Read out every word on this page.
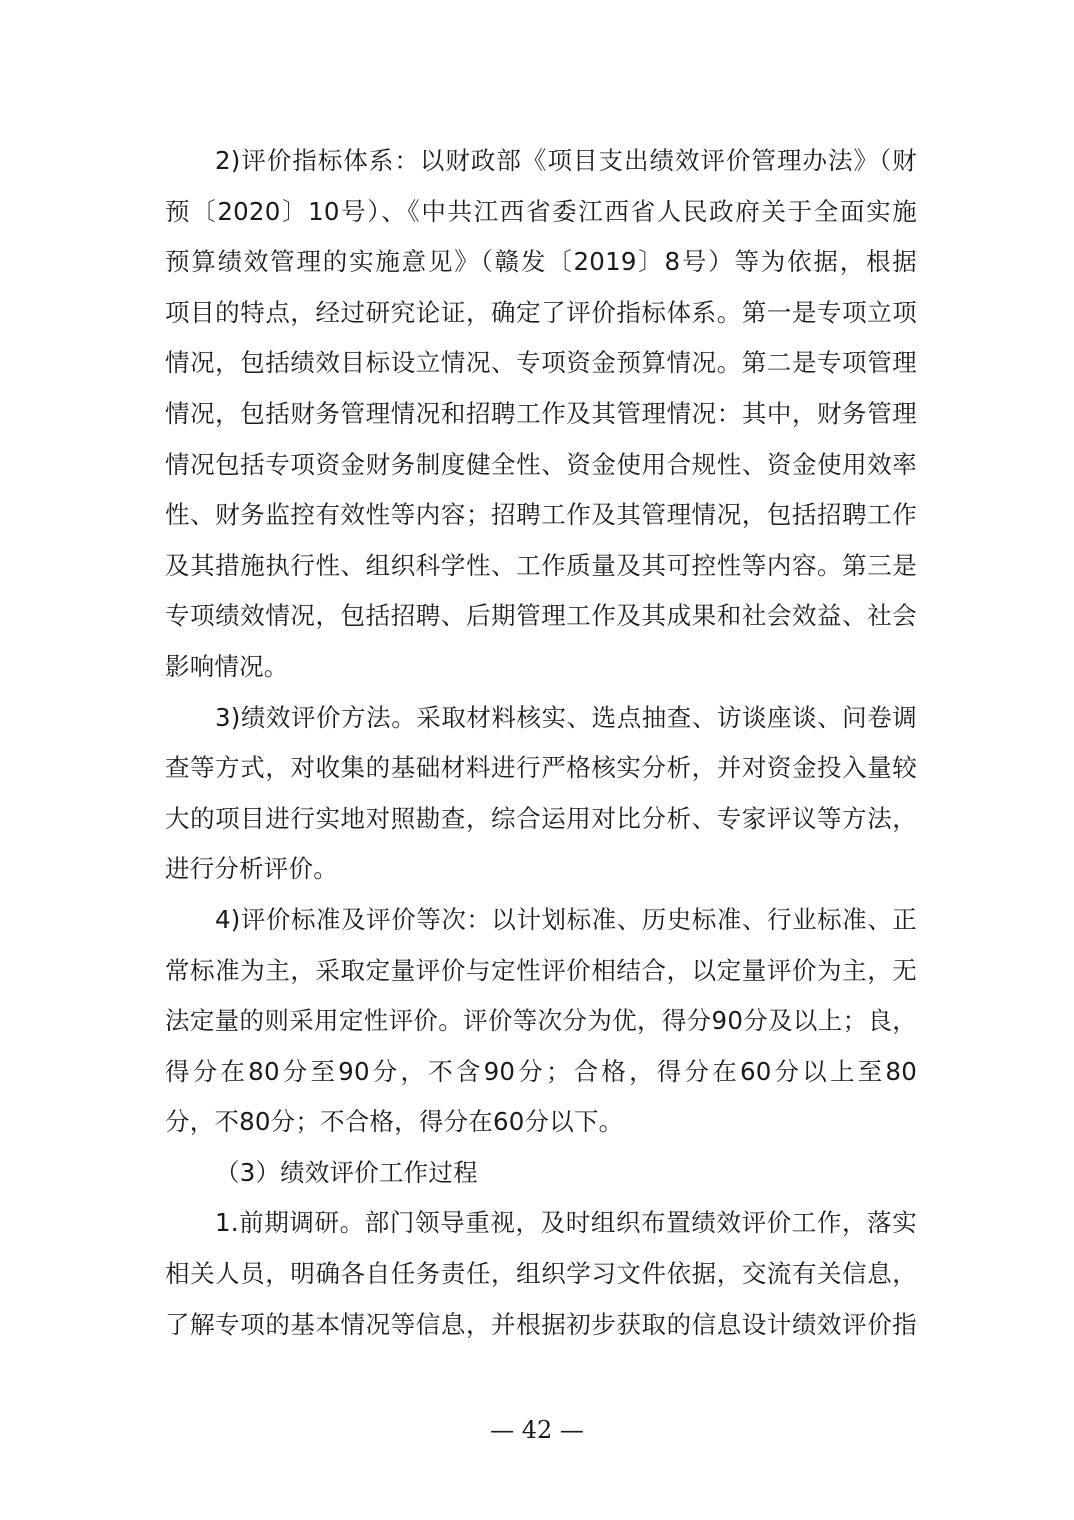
2)评价指标体系：以财政部《项目支出绩效评价管理办法》（财
预〔2020〕10号）、《中共江西省委江西省人民政府关于全面实施
预算绩效管理的实施意见》（赣发〔2019〕8号）等为依据，根据
项目的特点，经过研究论证，确定了评价指标体系。第一是专项立项
情况，包括绩效目标设立情况、专项资金预算情况。第二是专项管理
情况，包括财务管理情况和招聘工作及其管理情况：其中，财务管理
情况包括专项资金财务制度健全性、资金使用合规性、资金使用效率
性、财务监控有效性等内容；招聘工作及其管理情况，包括招聘工作
及其措施执行性、组织科学性、工作质量及其可控性等内容。第三是
专项绩效情况，包括招聘、后期管理工作及其成果和社会效益、社会
影响情况。
3)绩效评价方法。采取材料核实、选点抽查、访谈座谈、问卷调
查等方式，对收集的基础材料进行严格核实分析，并对资金投入量较
大的项目进行实地对照勘查，综合运用对比分析、专家评议等方法，
进行分析评价。
4)评价标准及评价等次：以计划标准、历史标准、行业标准、正
常标准为主，采取定量评价与定性评价相结合，以定量评价为主，无
法定量的则采用定性评价。评价等次分为优，得分90分及以上；良，
得分在80分至90分，不含90分；合格，得分在60分以上至80
分，不80分；不合格，得分在60分以下。
（3）绩效评价工作过程
1.前期调研。部门领导重视，及时组织布置绩效评价工作，落实
相关人员，明确各自任务责任，组织学习文件依据，交流有关信息，
了解专项的基本情况等信息，并根据初步获取的信息设计绩效评价指
— 42 —
